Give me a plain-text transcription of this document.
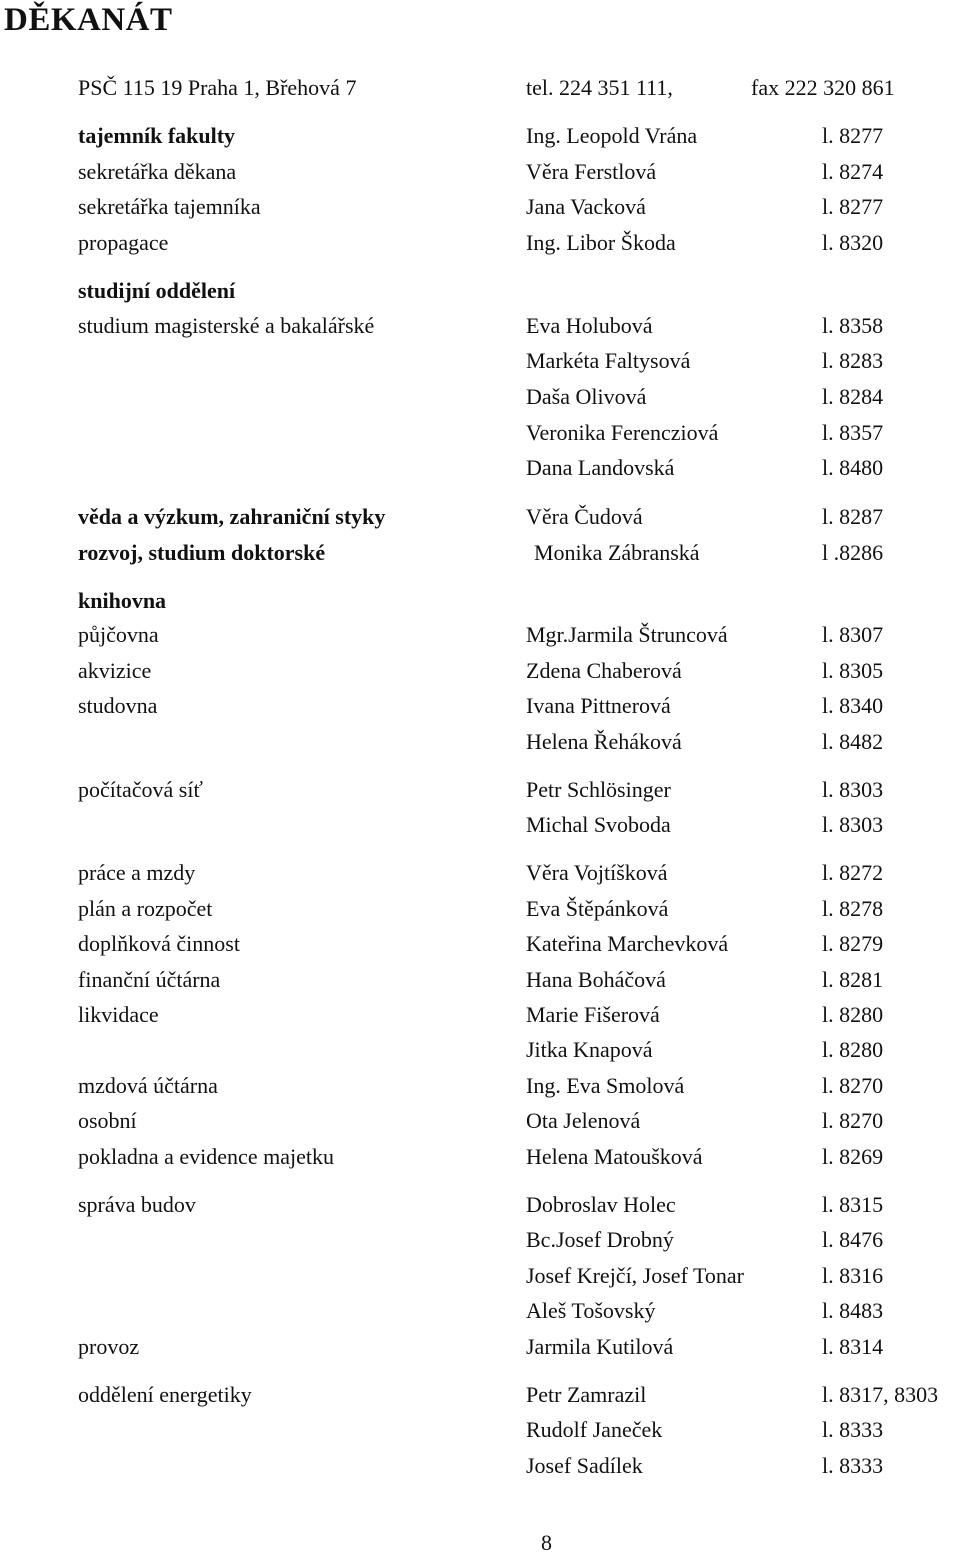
DĚKANÁT
PSČ 115 19 Praha 1, Břehová 7	tel. 224 351 111,	fax 222 320 861
tajemník fakulty	Ing. Leopold Vrána	l. 8277
sekretářka děkana	Věra Ferstlová	l. 8274
sekretářka tajemníka	Jana Vacková	l. 8277
propagace	Ing. Libor Škoda	l. 8320
studijní oddělení
studium magisterské a bakalářské	Eva Holubová	l. 8358
Markéta Faltysová	l. 8283
Daša Olivová	l. 8284
Veronika Ferencziová	l. 8357
Dana Landovská	l. 8480
věda a výzkum, zahraniční styky	Věra Čudová	l. 8287
rozvoj, studium doktorské	Monika Zábranská	l .8286
knihovna
půjčovna	Mgr.Jarmila Štruncová	l. 8307
akvizice	Zdena Chaberová	l. 8305
studovna	Ivana Pittnerová	l. 8340
Helena Řeháková	l. 8482
počítačová síť	Petr Schlösinger	l. 8303
Michal Svoboda	l. 8303
práce a mzdy	Věra Vojtíšková	l. 8272
plán a rozpočet	Eva Štěpánková	l. 8278
doplňková činnost	Kateřina Marchevková	l. 8279
finanční účtárna	Hana Boháčová	l. 8281
likvidace	Marie Fišerová	l. 8280
Jitka Knapová	l. 8280
mzdová účtárna	Ing. Eva Smolová	l. 8270
osobní	Ota Jelenová	l. 8270
pokladna a evidence majetku	Helena Matoušková	l. 8269
správa budov	Dobroslav Holec	l. 8315
Bc.Josef Drobný	l. 8476
Josef Krejčí, Josef Tonar	l. 8316
Aleš Tošovský	l. 8483
provoz	Jarmila Kutilová	l. 8314
oddělení energetiky	Petr Zamrazil	l. 8317, 8303
Rudolf Janeček	l. 8333
Josef Sadílek	l. 8333
8
